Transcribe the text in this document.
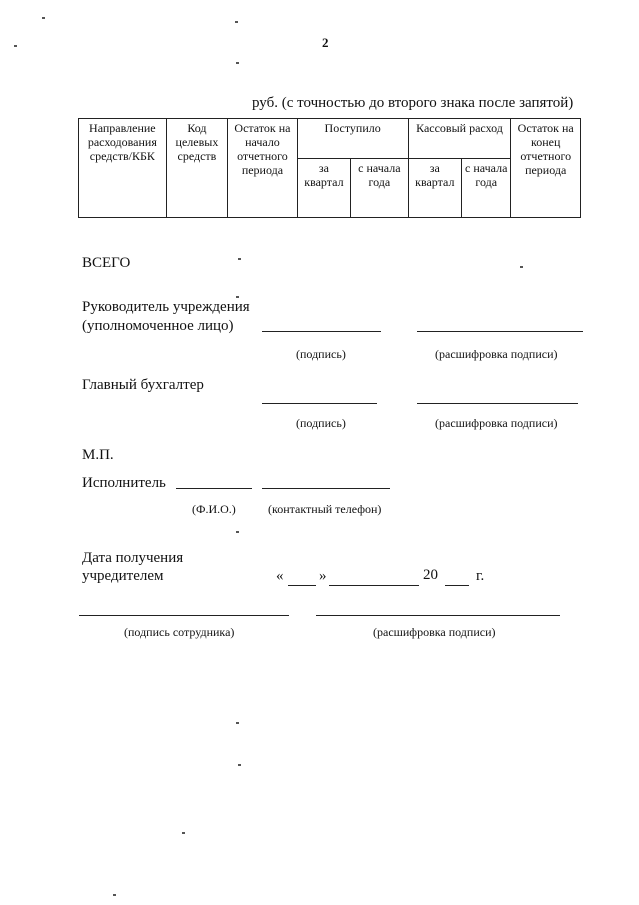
2
руб. (с точностью до второго знака после запятой)
Направление расходования средств/КБК	Код целевых средств	Остаток на начало отчетного периода	Поступило		Кассовый расход		Остаток на конец отчетного периода
			за квартал	с начала года	за квартал	с начала года	
ВСЕГО
Руководитель учреждения
(уполномоченное лицо)
(подпись)	(расшифровка подписи)
Главный бухгалтер
(подпись)	(расшифровка подписи)
М.П.
Исполнитель
(Ф.И.О.)	(контактный телефон)
Дата получения
учредителем	« »	20	г.
(подпись сотрудника)	(расшифровка подписи)
